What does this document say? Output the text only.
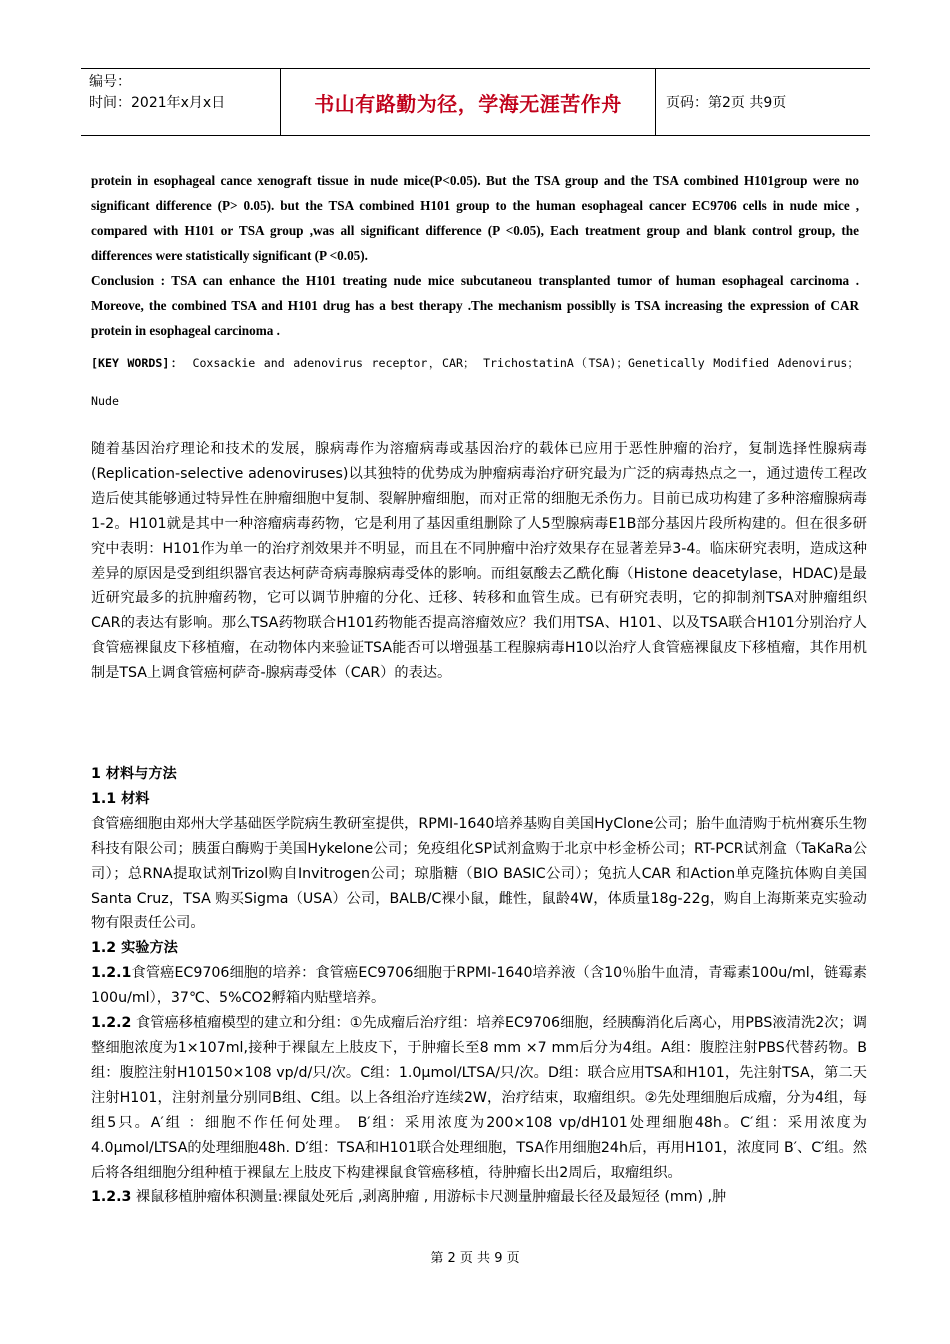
编号：
时间：2021年x月x日	书山有路勤为径，学海无涯苦作舟	页码：第2页 共9页

protein in esophageal cance xenograft tissue in nude mice(P<0.05). But the TSA group and the TSA combined H101group were no significant difference (P> 0.05). but the TSA combined H101 group to the human esophageal cancer EC9706 cells in nude mice , compared with H101 or TSA group ,was all significant difference (P <0.05), Each treatment group and blank control group, the differences were statistically significant (P <0.05).

Conclusion : TSA can enhance the H101 treating nude mice subcutaneou transplanted tumor of human esophageal carcinoma . Moreove, the combined TSA and H101 drug has a best therapy .The mechanism possiblly is TSA increasing the expression of CAR protein in esophageal carcinoma .

[KEY WORDS]： Coxsackie and adenovirus receptor，CAR； TrichostatinA（TSA)；Genetically Modified Adenovirus；Nude

随着基因治疗理论和技术的发展，腺病毒作为溶瘤病毒或基因治疗的载体已应用于恶性肿瘤的治疗，复制选择性腺病毒(Replication-selective adenoviruses)以其独特的优势成为肿瘤病毒治疗研究最为广泛的病毒热点之一，通过遗传工程改造后使其能够通过特异性在肿瘤细胞中复制、裂解肿瘤细胞，而对正常的细胞无杀伤力。目前已成功构建了多种溶瘤腺病毒1-2。H101就是其中一种溶瘤病毒药物，它是利用了基因重组删除了人5型腺病毒E1B部分基因片段所构建的。但在很多研究中表明：H101作为单一的治疗剂效果并不明显，而且在不同肿瘤中治疗效果存在显著差异3-4。临床研究表明，造成这种差异的原因是受到组织器官表达柯萨奇病毒腺病毒受体的影响。而组氨酸去乙酰化酶（Histone deacetylase，HDAC)是最近研究最多的抗肿瘤药物，它可以调节肿瘤的分化、迁移、转移和血管生成。已有研究表明，它的抑制剂TSA对肿瘤组织CAR的表达有影响。那么TSA药物联合H101药物能否提高溶瘤效应？我们用TSA、H101、以及TSA联合H101分别治疗人食管癌裸鼠皮下移植瘤，在动物体内来验证TSA能否可以增强基工程腺病毒H10以治疗人食管癌裸鼠皮下移植瘤，其作用机制是TSA上调食管癌柯萨奇-腺病毒受体（CAR）的表达。

1 材料与方法

1.1 材料

食管癌细胞由郑州大学基础医学院病生教研室提供，RPMI-1640培养基购自美国HyClone公司；胎牛血清购于杭州赛乐生物科技有限公司；胰蛋白酶购于美国Hykelone公司；免疫组化SP试剂盒购于北京中杉金桥公司；RT-PCR试剂盒（TaKaRa公司）；总RNA提取试剂Trizol购自Invitrogen公司；琼脂糖（BIO BASIC公司）；兔抗人CAR 和Action单克隆抗体购自美国Santa Cruz，TSA 购买Sigma（USA）公司，BALB/C裸小鼠，雌性，鼠龄4W，体质量18g-22g，购自上海斯莱克实验动物有限责任公司。

1.2 实验方法

1.2.1食管癌EC9706细胞的培养：食管癌EC9706细胞于RPMI-1640培养液（含10％胎牛血清，青霉素100u/ml，链霉素100u/ml），37℃、5%CO2孵箱内贴壁培养。

1.2.2 食管癌移植瘤模型的建立和分组：①先成瘤后治疗组：培养EC9706细胞，经胰酶消化后离心，用PBS液清洗2次；调整细胞浓度为1×107ml,接种于裸鼠左上肢皮下，于肿瘤长至8 mm ×7 mm后分为4组。A组：腹腔注射PBS代替药物。B组：腹腔注射H10150×108 vp/d/只/次。C组：1.0μmol/LTSA/只/次。D组：联合应用TSA和H101，先注射TSA，第二天注射H101，注射剂量分别同B组、C组。以上各组治疗连续2W，治疗结束，取瘤组织。②先处理细胞后成瘤，分为4组，每组5只。A′组 ：细胞不作任何处理。 B′组：采用浓度为200×108 vp/dH101处理细胞48h。C′组：采用浓度为4.0μmol/LTSA的处理细胞48h. D′组：TSA和H101联合处理细胞，TSA作用细胞24h后，再用H101，浓度同 B′、C′组。然后将各组细胞分组种植于裸鼠左上肢皮下构建裸鼠食管癌移植，待肿瘤长出2周后，取瘤组织。

1.2.3 裸鼠移植肿瘤体积测量:裸鼠处死后 ,剥离肿瘤 , 用游标卡尺测量肿瘤最长径及最短径 (mm) ,肿

第 2 页 共 9 页
